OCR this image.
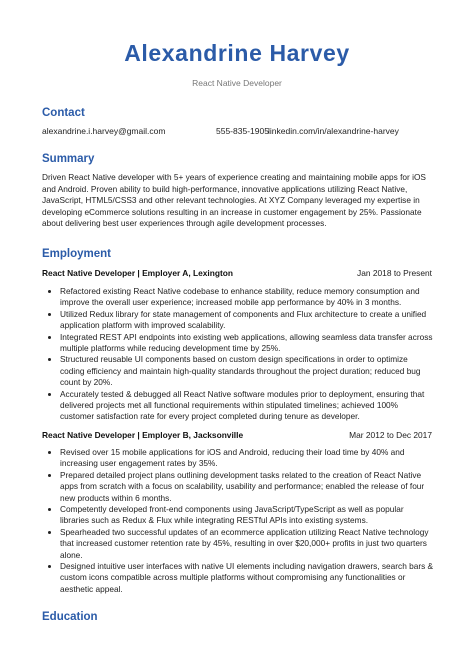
Alexandrine Harvey
React Native Developer
Contact
alexandrine.i.harvey@gmail.com	555-835-1905 linkedin.com/in/alexandrine-harvey
Summary
Driven React Native developer with 5+ years of experience creating and maintaining mobile apps for iOS and Android. Proven ability to build high-performance, innovative applications utilizing React Native, JavaScript, HTML5/CSS3 and other relevant technologies. At XYZ Company leveraged my expertise in developing eCommerce solutions resulting in an increase in customer engagement by 25%. Passionate about delivering best user experiences through agile development processes.
Employment
React Native Developer | Employer A, Lexington	Jan 2018 to Present
• Refactored existing React Native codebase to enhance stability, reduce memory consumption and improve the overall user experience; increased mobile app performance by 40% in 3 months.
• Utilized Redux library for state management of components and Flux architecture to create a unified application platform with improved scalability.
• Integrated REST API endpoints into existing web applications, allowing seamless data transfer across multiple platforms while reducing development time by 25%.
• Structured reusable UI components based on custom design specifications in order to optimize coding efficiency and maintain high-quality standards throughout the project duration; reduced bug count by 20%.
• Accurately tested & debugged all React Native software modules prior to deployment, ensuring that delivered projects met all functional requirements within stipulated timelines; achieved 100% customer satisfaction rate for every project completed during tenure as developer.
React Native Developer | Employer B, Jacksonville	Mar 2012 to Dec 2017
• Revised over 15 mobile applications for iOS and Android, reducing their load time by 40% and increasing user engagement rates by 35%.
• Prepared detailed project plans outlining development tasks related to the creation of React Native apps from scratch with a focus on scalability, usability and performance; enabled the release of four new products within 6 months.
• Competently developed front-end components using JavaScript/TypeScript as well as popular libraries such as Redux & Flux while integrating RESTful APIs into existing systems.
• Spearheaded two successful updates of an ecommerce application utilizing React Native technology that increased customer retention rate by 45%, resulting in over $20,000+ profits in just two quarters alone.
• Designed intuitive user interfaces with native UI elements including navigation drawers, search bars & custom icons compatible across multiple platforms without compromising any functionalities or aesthetic appeal.
Education
